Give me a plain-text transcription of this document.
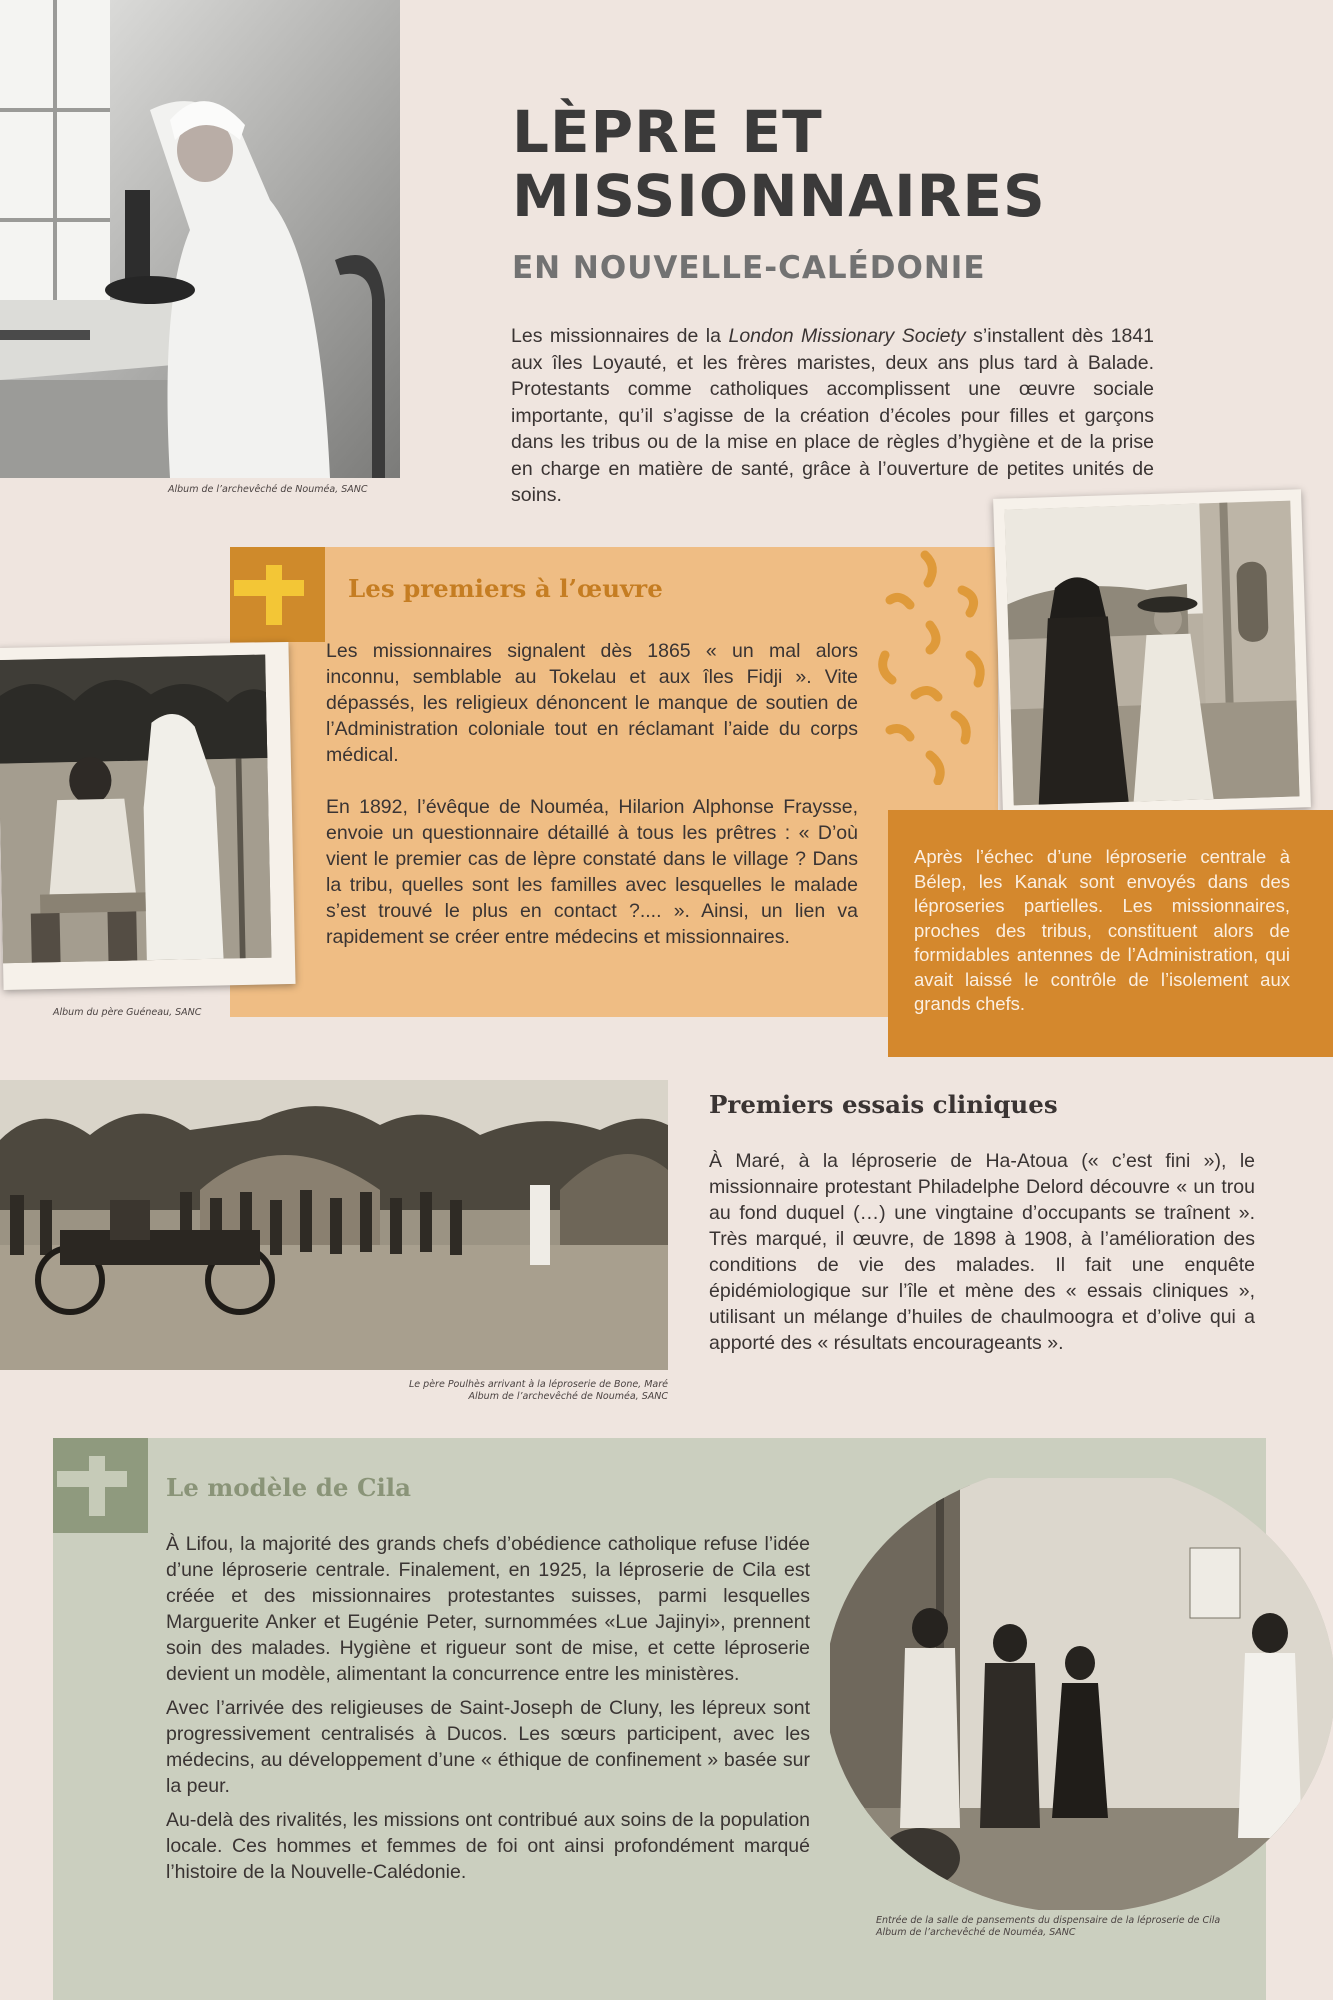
Album de l’archevêché de Nouméa, SANC
LÈPRE ET
MISSIONNAIRES
EN NOUVELLE-CALÉDONIE
Les missionnaires de la London Missionary Society s’installent dès 1841 aux îles Loyauté, et les frères maristes, deux ans plus tard à Balade. Protestants comme catholiques accomplissent une œuvre sociale importante, qu’il s’agisse de la création d’écoles pour filles et garçons dans les tribus ou de la mise en place de règles d’hygiène et de la prise en charge en matière de santé, grâce à l’ouverture de petites unités de soins.
Les premiers à l’œuvre

Les missionnaires signalent dès 1865 « un mal alors inconnu, semblable au Tokelau et aux îles Fidji ». Vite dépassés, les religieux dénoncent le manque de soutien de l’Administration coloniale tout en réclamant l’aide du corps médical.

En 1892, l’évêque de Nouméa, Hilarion Alphonse Fraysse, envoie un questionnaire détaillé à tous les prêtres : « D’où vient le premier cas de lèpre constaté dans le village ? Dans la tribu, quelles sont les familles avec lesquelles le malade s’est trouvé le plus en contact ?.... ». Ainsi, un lien va rapidement se créer entre médecins et missionnaires.

Album du père Guéneau, SANC

Après l’échec d’une léproserie centrale à Bélep, les Kanak sont envoyés dans des léproseries partielles. Les missionnaires, proches des tribus, constituent alors de formidables antennes de l’Administration, qui avait laissé le contrôle de l’isolement aux grands chefs.

Le père Poulhès arrivant à la léproserie de Bone, Maré
Album de l’archevêché de Nouméa, SANC
Premiers essais cliniques

À Maré, à la léproserie de Ha-Atoua (« c’est fini »), le missionnaire protestant Philadelphe Delord découvre « un trou au fond duquel (…) une vingtaine d’occupants se traînent ». Très marqué, il œuvre, de 1898 à 1908, à l’amélioration des conditions de vie des malades. Il fait une enquête épidémiologique sur l’île et mène des « essais cliniques », utilisant un mélange d’huiles de chaulmoogra et d’olive qui a apporté des « résultats encourageants ».

Le modèle de Cila

À Lifou, la majorité des grands chefs d’obédience catholique refuse l’idée d’une léproserie centrale. Finalement, en 1925, la léproserie de Cila est créée et des missionnaires protestantes suisses, parmi lesquelles Marguerite Anker et Eugénie Peter, surnommées «Lue Jajinyi», prennent soin des malades. Hygiène et rigueur sont de mise, et cette léproserie devient un modèle, alimentant la concurrence entre les ministères.

Avec l’arrivée des religieuses de Saint-Joseph de Cluny, les lépreux sont progressivement centralisés à Ducos. Les sœurs participent, avec les médecins, au développement d’une « éthique de confinement » basée sur la peur.

Au-delà des rivalités, les missions ont contribué aux soins de la population locale. Ces hommes et femmes de foi ont ainsi profondément marqué l’histoire de la Nouvelle-Calédonie.

Entrée de la salle de pansements du dispensaire de la léproserie de Cila
Album de l’archevêché de Nouméa, SANC
